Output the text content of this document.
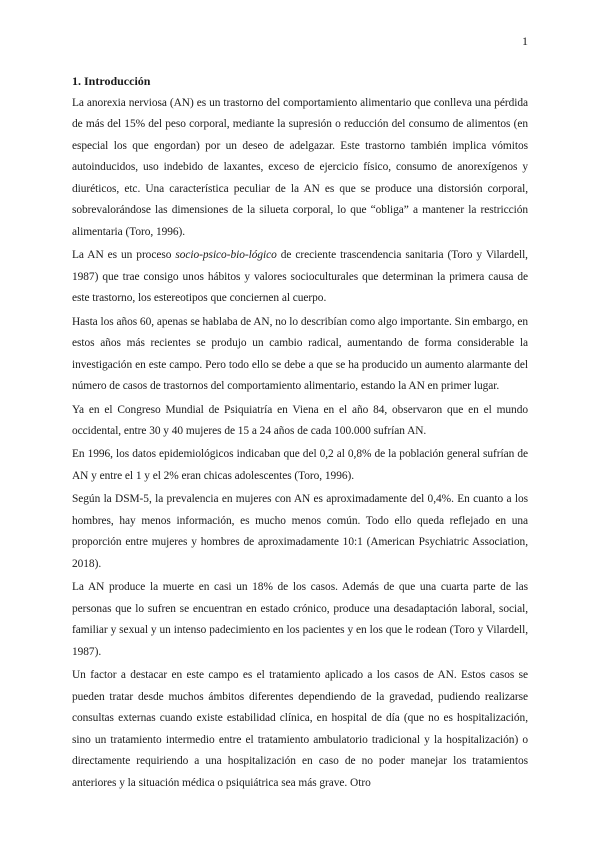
1

1. Introducción

La anorexia nerviosa (AN) es un trastorno del comportamiento alimentario que conlleva una pérdida de más del 15% del peso corporal, mediante la supresión o reducción del consumo de alimentos (en especial los que engordan) por un deseo de adelgazar. Este trastorno también implica vómitos autoinducidos, uso indebido de laxantes, exceso de ejercicio físico, consumo de anorexígenos y diuréticos, etc. Una característica peculiar de la AN es que se produce una distorsión corporal, sobrevalorándose las dimensiones de la silueta corporal, lo que “obliga” a mantener la restricción alimentaria (Toro, 1996).

La AN es un proceso socio-psico-bio-lógico de creciente trascendencia sanitaria (Toro y Vilardell, 1987) que trae consigo unos hábitos y valores socioculturales que determinan la primera causa de este trastorno, los estereotipos que conciernen al cuerpo.

Hasta los años 60, apenas se hablaba de AN, no lo describían como algo importante. Sin embargo, en estos años más recientes se produjo un cambio radical, aumentando de forma considerable la investigación en este campo. Pero todo ello se debe a que se ha producido un aumento alarmante del número de casos de trastornos del comportamiento alimentario, estando la AN en primer lugar.

Ya en el Congreso Mundial de Psiquiatría en Viena en el año 84, observaron que en el mundo occidental, entre 30 y 40 mujeres de 15 a 24 años de cada 100.000 sufrían AN.

En 1996, los datos epidemiológicos indicaban que del 0,2 al 0,8% de la población general sufrían de AN y entre el 1 y el 2% eran chicas adolescentes (Toro, 1996).

Según la DSM-5, la prevalencia en mujeres con AN es aproximadamente del 0,4%. En cuanto a los hombres, hay menos información, es mucho menos común. Todo ello queda reflejado en una proporción entre mujeres y hombres de aproximadamente 10:1 (American Psychiatric Association, 2018).

La AN produce la muerte en casi un 18% de los casos. Además de que una cuarta parte de las personas que lo sufren se encuentran en estado crónico, produce una desadaptación laboral, social, familiar y sexual y un intenso padecimiento en los pacientes y en los que le rodean (Toro y Vilardell, 1987).

Un factor a destacar en este campo es el tratamiento aplicado a los casos de AN. Estos casos se pueden tratar desde muchos ámbitos diferentes dependiendo de la gravedad, pudiendo realizarse consultas externas cuando existe estabilidad clínica, en hospital de día (que no es hospitalización, sino un tratamiento intermedio entre el tratamiento ambulatorio tradicional y la hospitalización) o directamente requiriendo a una hospitalización en caso de no poder manejar los tratamientos anteriores y la situación médica o psiquiátrica sea más grave. Otro
